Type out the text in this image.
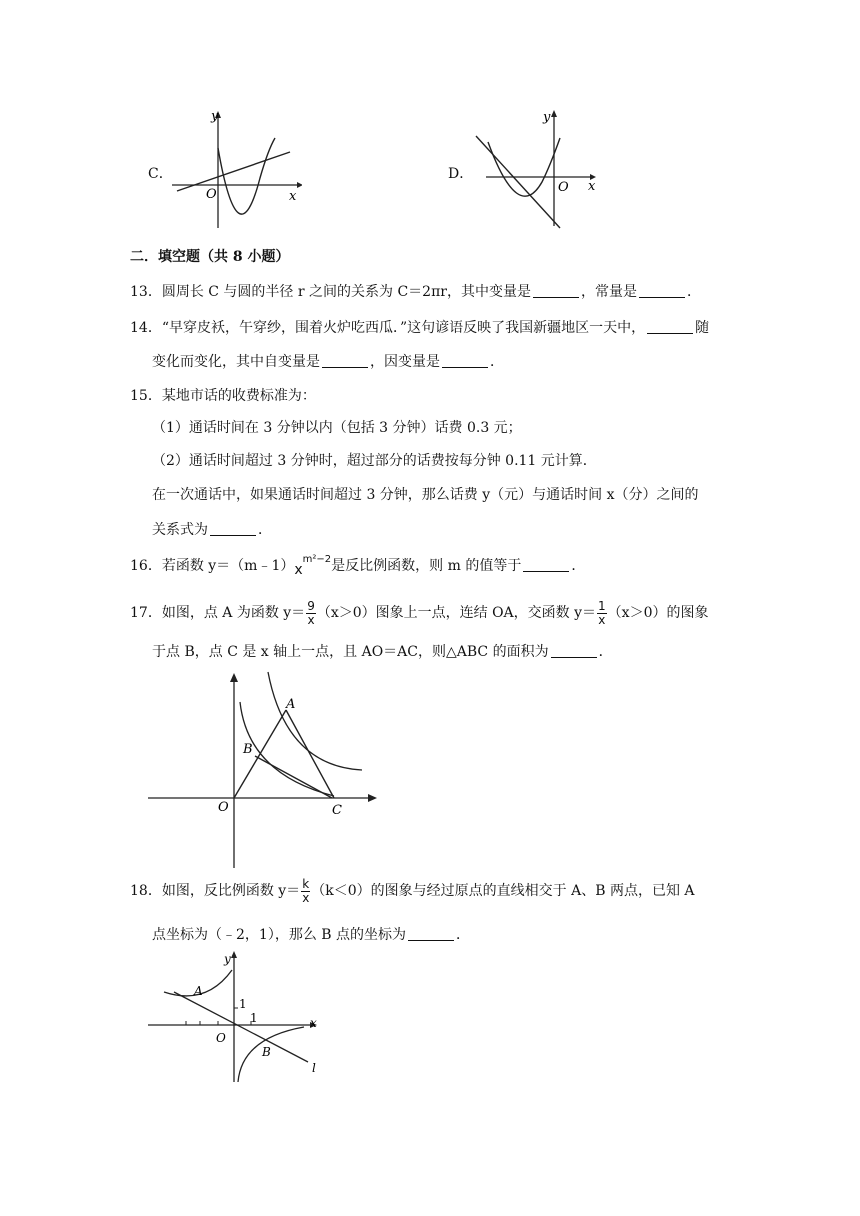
C．
y
x
O
D．
y
x
O
二．填空题（共 8 小题）
13．圆周长 C 与圆的半径 r 之间的关系为 C＝2πr，其中变量是	，常量是	．
14．“早穿皮袄，午穿纱，围着火炉吃西瓜．”这句谚语反映了我国新疆地区一天中，	随
变化而变化，其中自变量是	，因变量是	．
15．某地市话的收费标准为：
（1）通话时间在 3 分钟以内（包括 3 分钟）话费 0.3 元；
（2）通话时间超过 3 分钟时，超过部分的话费按每分钟 0.11 元计算．
在一次通话中，如果通话时间超过 3 分钟，那么话费 y（元）与通话时间 x（分）之间的
关系式为	．
16．若函数 $y=(m﹣1)x^{m^2-2}$是反比例函数，则 m 的值等于	．
17．如图，点 A 为函数 $y= \frac{9}{x} (x>0)$图象上一点，连结 OA，交函数 $y= \frac{1}{x} (x>0)$的图象
于点 B，点 C 是 x 轴上一点，且 AO＝AC，则△ABC 的面积为	．
A
B
C
O
18．如图，反比例函数 $y= \frac{k}{x} (k<0)$的图象与经过原点的直线相交于 A、B 两点，已知 A
点坐标为（﹣2，1），那么 B 点的坐标为	．
y
x
O
1
1
A
B
l
